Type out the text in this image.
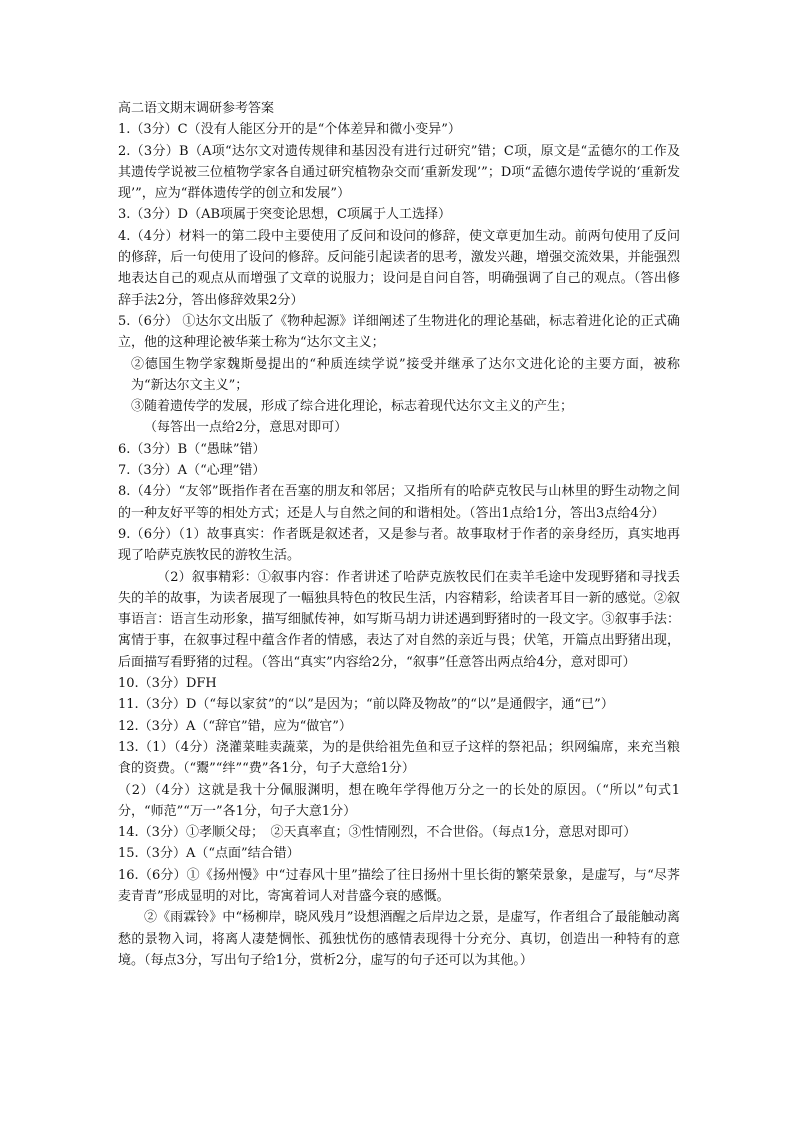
高二语文期末调研参考答案
1.（3分）C（没有人能区分开的是“个体差异和微小变异”）
2.（3分）B（A项“达尔文对遗传规律和基因没有进行过研究”错；C项，原文是“孟德尔的工作及其遗传学说被三位植物学家各自通过研究植物杂交而‘重新发现’”；D项“孟德尔遗传学说的‘重新发现’”，应为“群体遗传学的创立和发展”）
3.（3分）D（AB项属于突变论思想，C项属于人工选择）
4.（4分）材料一的第二段中主要使用了反问和设问的修辞，使文章更加生动。前两句使用了反问的修辞，后一句使用了设问的修辞。反问能引起读者的思考，激发兴趣，增强交流效果，并能强烈地表达自己的观点从而增强了文章的说服力；设问是自问自答，明确强调了自己的观点。（答出修辞手法2分，答出修辞效果2分）
5.（6分） ①达尔文出版了《物种起源》详细阐述了生物进化的理论基础，标志着进化论的正式确立，他的这种理论被华莱士称为“达尔文主义；
②德国生物学家魏斯曼提出的“种质连续学说”接受并继承了达尔文进化论的主要方面，被称为“新达尔文主义”；
③随着遗传学的发展，形成了综合进化理论，标志着现代达尔文主义的产生；
（每答出一点给2分，意思对即可）
6.（3分）B（“愚昧”错）
7.（3分）A（“心理”错）
8.（4分）“友邻”既指作者在吾塞的朋友和邻居；又指所有的哈萨克牧民与山林里的野生动物之间的一种友好平等的相处方式；还是人与自然之间的和谐相处。（答出1点给1分，答出3点给4分）
9.（6分）（1）故事真实：作者既是叙述者，又是参与者。故事取材于作者的亲身经历，真实地再现了哈萨克族牧民的游牧生活。
（2）叙事精彩：①叙事内容：作者讲述了哈萨克族牧民们在卖羊毛途中发现野猪和寻找丢失的羊的故事，为读者展现了一幅独具特色的牧民生活，内容精彩，给读者耳目一新的感觉。②叙事语言：语言生动形象，描写细腻传神，如写斯马胡力讲述遇到野猪时的一段文字。③叙事手法：寓情于事，在叙事过程中蕴含作者的情感，表达了对自然的亲近与畏；伏笔，开篇点出野猪出现，后面描写看野猪的过程。（答出“真实”内容给2分，“叙事”任意答出两点给4分，意对即可）
10.（3分）DFH
11.（3分）D（“每以家贫”的“以”是因为；“前以降及物故”的“以”是通假字，通“已”）
12.（3分）A（“辞官”错，应为“做官”）
13.（1）（4分）浇灌菜畦卖蔬菜，为的是供给祖先鱼和豆子这样的祭祀品；织网编席，来充当粮食的资费。（“鬻”“绊”“费”各1分，句子大意给1分）
（2）（4分）这就是我十分佩服渊明，想在晚年学得他万分之一的长处的原因。（“所以”句式1分，“师范”“万一”各1分，句子大意1分）
14.（3分）①孝顺父母；　②天真率直；③性情刚烈，不合世俗。（每点1分，意思对即可）
15.（3分）A（“点面”结合错）
16.（6分）①《扬州慢》中“过春风十里”描绘了往日扬州十里长街的繁荣景象，是虚写，与“尽荠麦青青”形成显明的对比，寄寓着词人对昔盛今衰的感慨。
②《雨霖铃》中“杨柳岸，晓风残月”设想酒醒之后岸边之景，是虚写，作者组合了最能触动离愁的景物入词，将离人凄楚惆怅、孤独忧伤的感情表现得十分充分、真切，创造出一种特有的意境。（每点3分，写出句子给1分，赏析2分，虚写的句子还可以为其他。）
